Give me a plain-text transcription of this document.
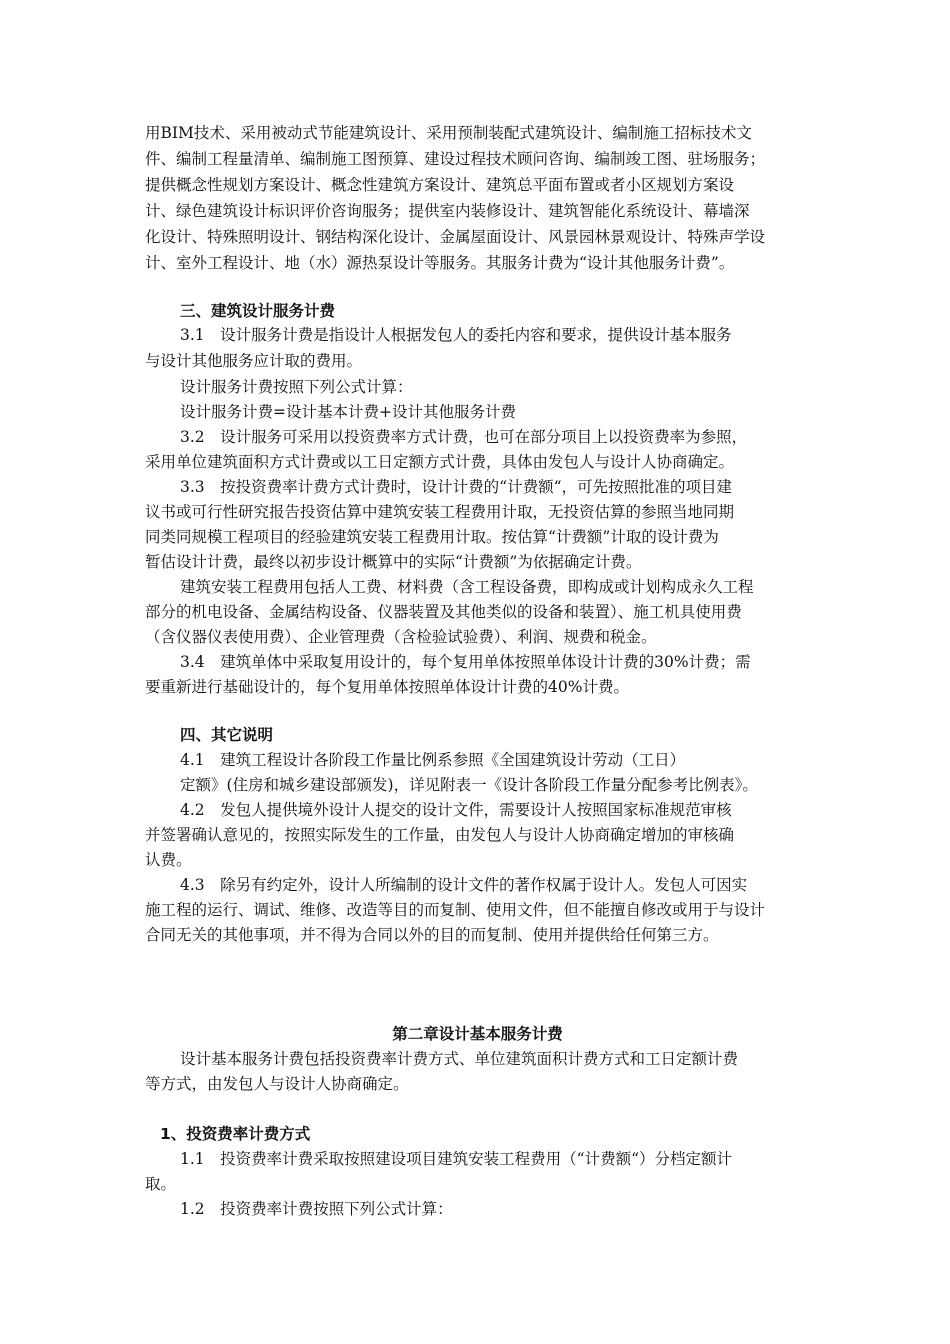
用BIM技术、采用被动式节能建筑设计、采用预制装配式建筑设计、编制施工招标技术文
件、编制工程量清单、编制施工图预算、建设过程技术顾问咨询、编制竣工图、驻场服务；
提供概念性规划方案设计、概念性建筑方案设计、建筑总平面布置或者小区规划方案设
计、绿色建筑设计标识评价咨询服务；提供室内装修设计、建筑智能化系统设计、幕墙深
化设计、特殊照明设计、钢结构深化设计、金属屋面设计、风景园林景观设计、特殊声学设
计、室外工程设计、地（水）源热泵设计等服务。其服务计费为“设计其他服务计费”。
三、建筑设计服务计费
3.1　设计服务计费是指设计人根据发包人的委托内容和要求，提供设计基本服务
与设计其他服务应计取的费用。
设计服务计费按照下列公式计算：
设计服务计费=设计基本计费+设计其他服务计费
3.2　设计服务可采用以投资费率方式计费，也可在部分项目上以投资费率为参照，
采用单位建筑面积方式计费或以工日定额方式计费，具体由发包人与设计人协商确定。
3.3　按投资费率计费方式计费时，设计计费的“计费额“，可先按照批准的项目建
议书或可行性研究报告投资估算中建筑安装工程费用计取，无投资估算的参照当地同期
同类同规模工程项目的经验建筑安装工程费用计取。按估算“计费额”计取的设计费为
暂估设计计费，最终以初步设计概算中的实际“计费额”为依据确定计费。
建筑安装工程费用包括人工费、材料费（含工程设备费，即构成或计划构成永久工程
部分的机电设备、金属结构设备、仪器装置及其他类似的设备和装置）、施工机具使用费
（含仪器仪表使用费）、企业管理费（含检验试验费）、利润、规费和税金。
3.4　建筑单体中采取复用设计的，每个复用单体按照单体设计计费的30%计费；需
要重新进行基础设计的，每个复用单体按照单体设计计费的40%计费。
四、其它说明
4.1　建筑工程设计各阶段工作量比例系参照《全国建筑设计劳动（工日）
定额》(住房和城乡建设部颁发)，详见附表一《设计各阶段工作量分配参考比例表》。
4.2　发包人提供境外设计人提交的设计文件，需要设计人按照国家标准规范审核
并签署确认意见的，按照实际发生的工作量，由发包人与设计人协商确定增加的审核确
认费。
4.3　除另有约定外，设计人所编制的设计文件的著作权属于设计人。发包人可因实
施工程的运行、调试、维修、改造等目的而复制、使用文件，但不能擅自修改或用于与设计
合同无关的其他事项，并不得为合同以外的目的而复制、使用并提供给任何第三方。
第二章设计基本服务计费
设计基本服务计费包括投资费率计费方式、单位建筑面积计费方式和工日定额计费
等方式，由发包人与设计人协商确定。
1、投资费率计费方式
1.1　投资费率计费采取按照建设项目建筑安装工程费用（“计费额“）分档定额计
取。
1.2　投资费率计费按照下列公式计算：
